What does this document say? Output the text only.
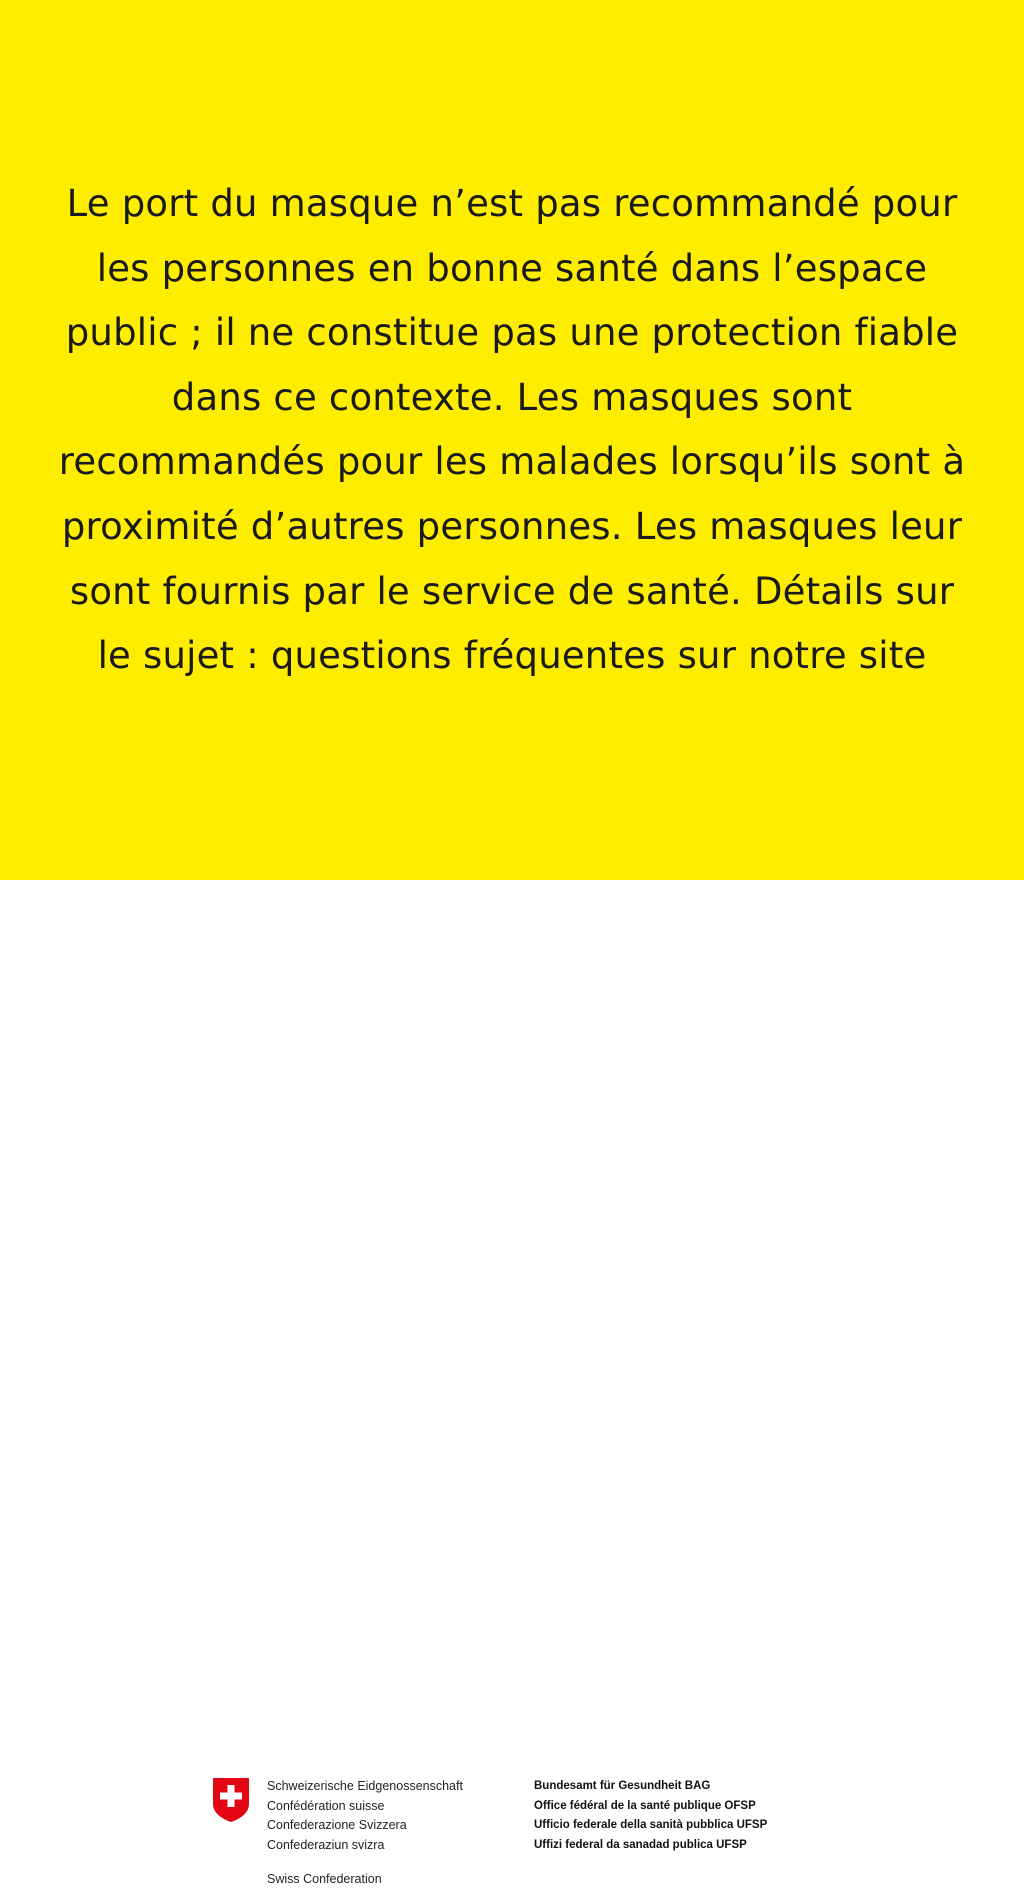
Le port du masque n’est pas recommandé pour
les personnes en bonne santé dans l’espace
public ; il ne constitue pas une protection fiable
dans ce contexte. Les masques sont
recommandés pour les malades lorsqu’ils sont à
proximité d’autres personnes. Les masques leur
sont fournis par le service de santé. Détails sur
le sujet : questions fréquentes sur notre site

Schweizerische Eidgenossenschaft
Confédération suisse
Confederazione Svizzera
Confederaziun svizra
Swiss Confederation
Bundesamt für Gesundheit BAG
Office fédéral de la santé publique OFSP
Ufficio federale della sanità pubblica UFSP
Uffizi federal da sanadad publica UFSP
